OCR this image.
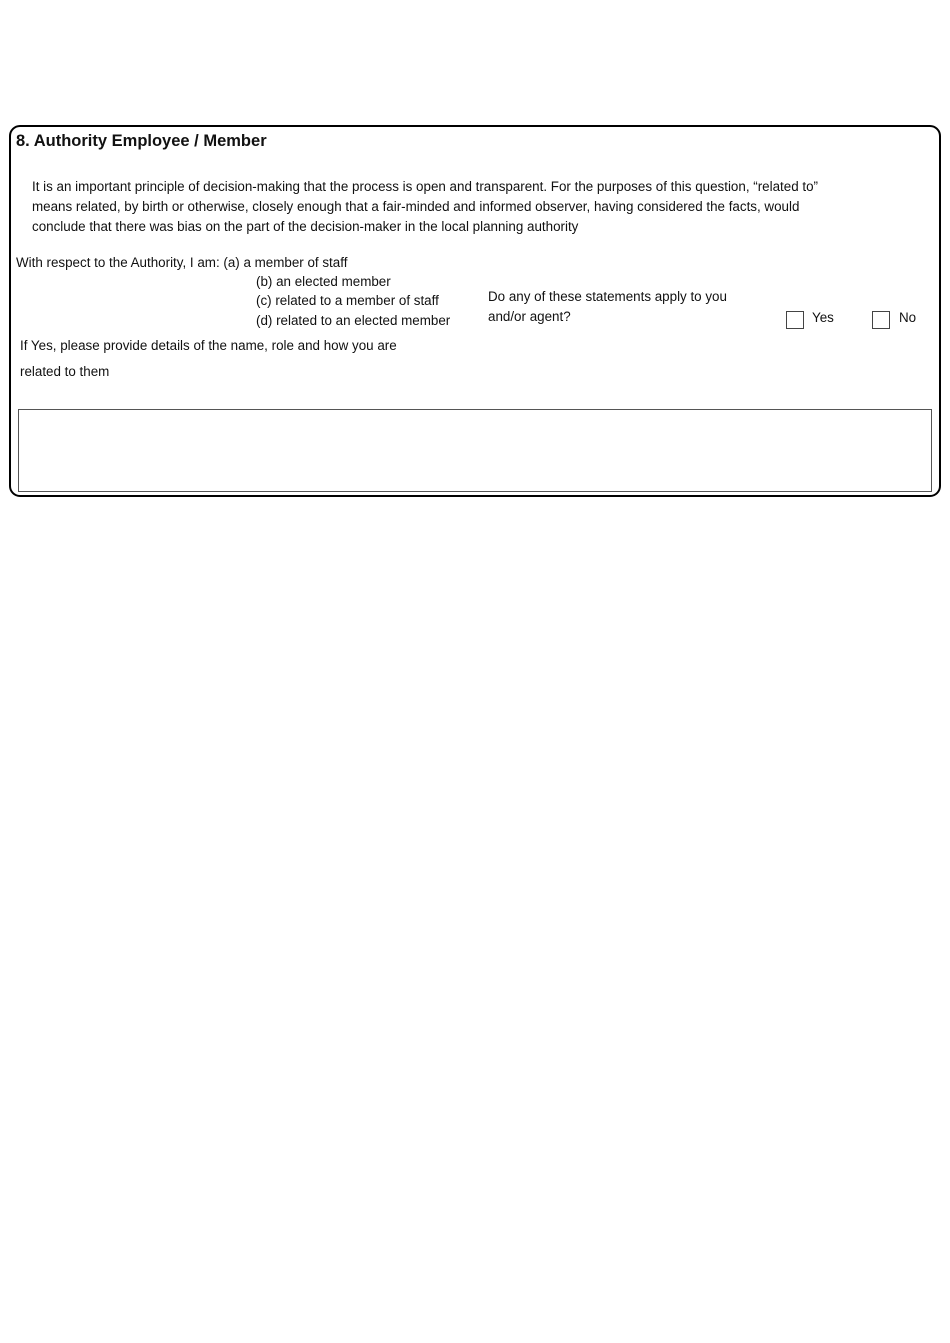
8. Authority Employee / Member
It is an important principle of decision-making that the process is open and transparent. For the purposes of this question, “related to”
means related, by birth or otherwise, closely enough that a fair-minded and informed observer, having considered the facts, would
conclude that there was bias on the part of the decision-maker in the local planning authority
With respect to the Authority, I am: (a) a member of staff
(b) an elected member
(c) related to a member of staff
(d) related to an elected member
Do any of these statements apply to you
and/or agent?	Yes	No
If Yes, please provide details of the name, role and how you are
related to them
